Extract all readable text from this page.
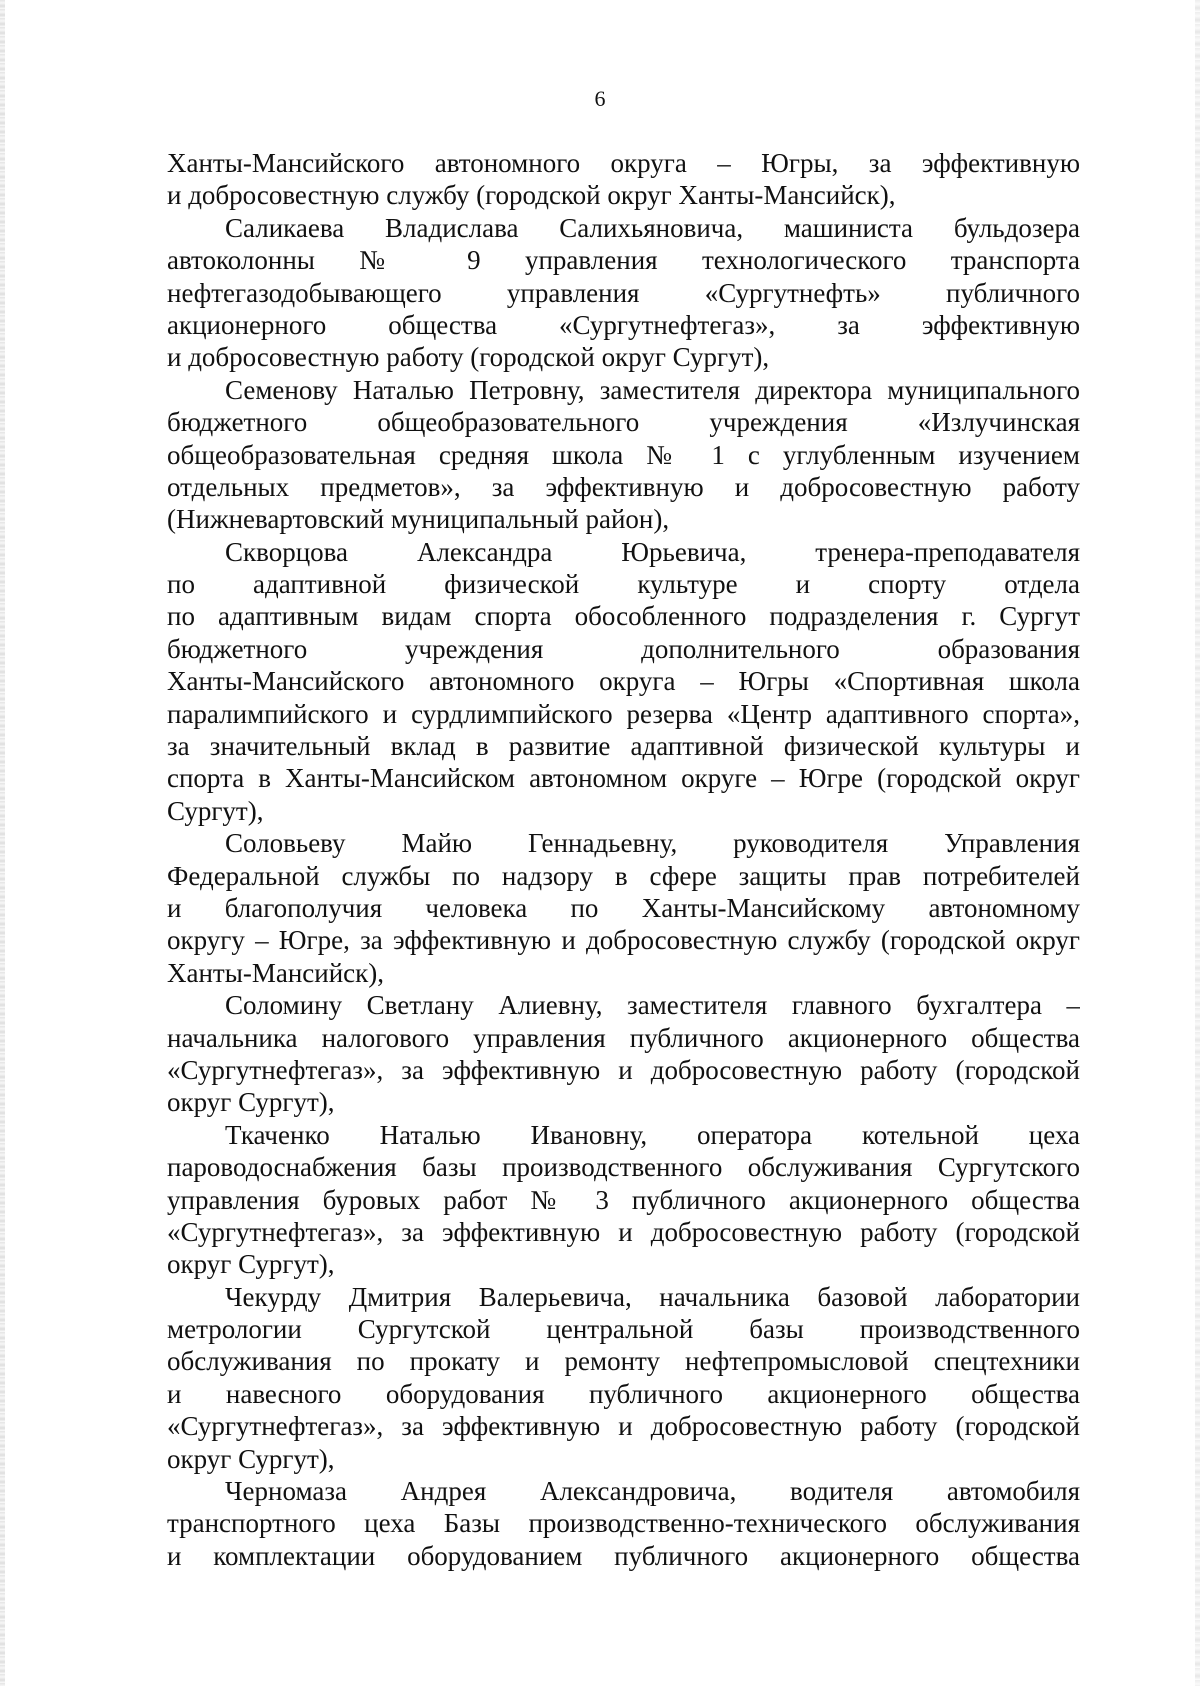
6
Ханты-Мансийского автономного округа – Югры, за эффективную
и добросовестную службу (городской округ Ханты-Мансийск),
Саликаева Владислава Салихьяновича, машиниста бульдозера
автоколонны № 9 управления технологического транспорта
нефтегазодобывающего управления «Сургутнефть» публичного
акционерного общества «Сургутнефтегаз», за эффективную
и добросовестную работу (городской округ Сургут),
Семенову Наталью Петровну, заместителя директора муниципального
бюджетного общеобразовательного учреждения «Излучинская
общеобразовательная средняя школа № 1 с углубленным изучением
отдельных предметов», за эффективную и добросовестную работу
(Нижневартовский муниципальный район),
Скворцова Александра Юрьевича, тренера-преподавателя
по адаптивной физической культуре и спорту отдела
по адаптивным видам спорта обособленного подразделения г. Сургут
бюджетного учреждения дополнительного образования
Ханты-Мансийского автономного округа – Югры «Спортивная школа
паралимпийского и сурдлимпийского резерва «Центр адаптивного спорта»,
за значительный вклад в развитие адаптивной физической культуры и
спорта в Ханты-Мансийском автономном округе – Югре (городской округ
Сургут),
Соловьеву Майю Геннадьевну, руководителя Управления
Федеральной службы по надзору в сфере защиты прав потребителей
и благополучия человека по Ханты-Мансийскому автономному
округу – Югре, за эффективную и добросовестную службу (городской округ
Ханты-Мансийск),
Соломину Светлану Алиевну, заместителя главного бухгалтера –
начальника налогового управления публичного акционерного общества
«Сургутнефтегаз», за эффективную и добросовестную работу (городской
округ Сургут),
Ткаченко Наталью Ивановну, оператора котельной цеха
пароводоснабжения базы производственного обслуживания Сургутского
управления буровых работ № 3 публичного акционерного общества
«Сургутнефтегаз», за эффективную и добросовестную работу (городской
округ Сургут),
Чекурду Дмитрия Валерьевича, начальника базовой лаборатории
метрологии Сургутской центральной базы производственного
обслуживания по прокату и ремонту нефтепромысловой спецтехники
и навесного оборудования публичного акционерного общества
«Сургутнефтегаз», за эффективную и добросовестную работу (городской
округ Сургут),
Черномаза Андрея Александровича, водителя автомобиля
транспортного цеха Базы производственно-технического обслуживания
и комплектации оборудованием публичного акционерного общества
